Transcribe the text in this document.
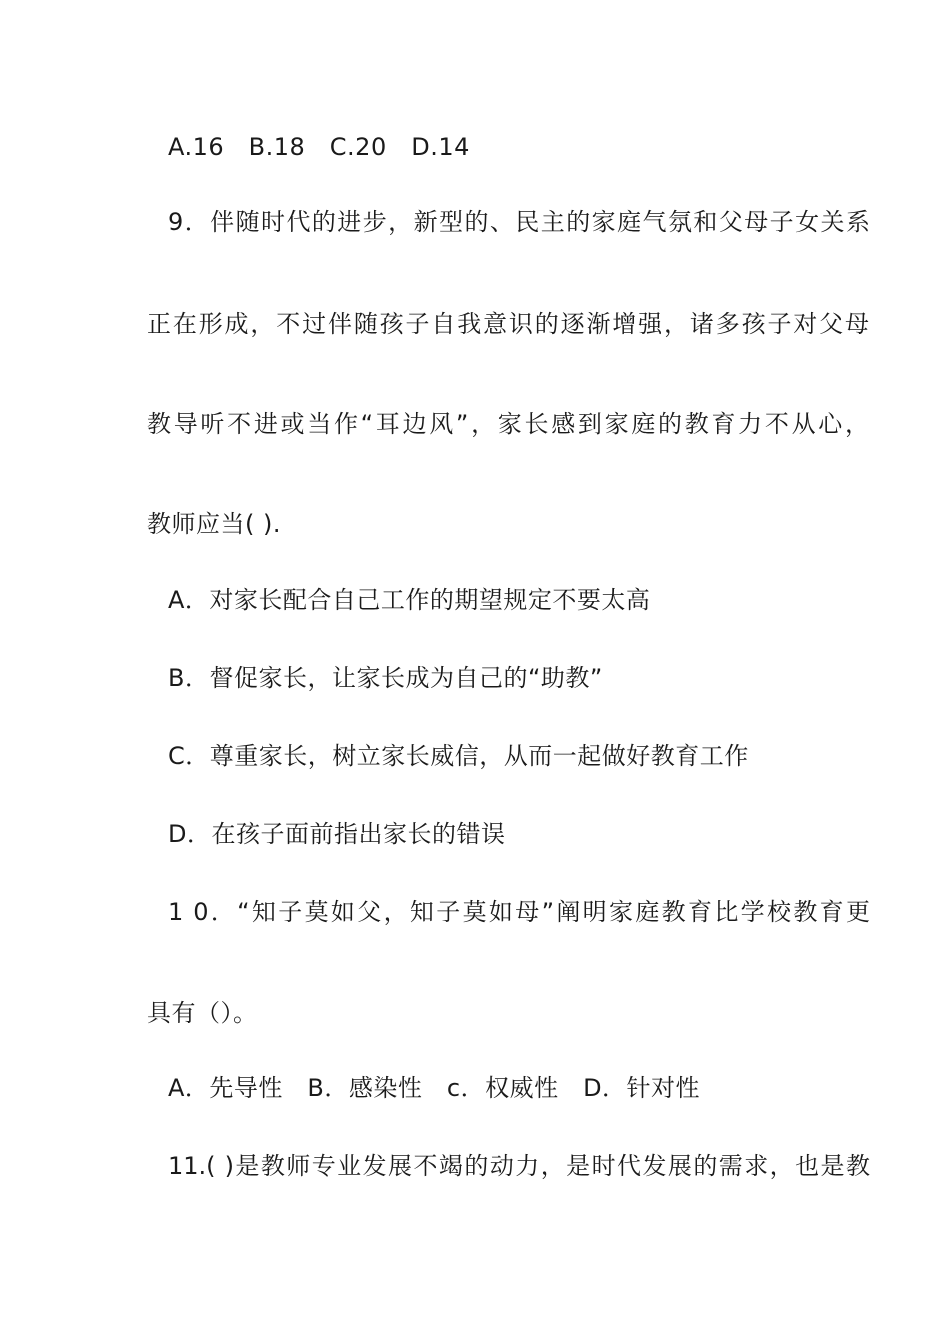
A.16　B.18　C.20　D.14
9．伴随时代的进步，新型的、民主的家庭气氛和父母子女关系
正在形成，不过伴随孩子自我意识的逐渐增强，诸多孩子对父母
教导听不进或当作“耳边风”，家长感到家庭的教育力不从心，
教师应当( ).
A．对家长配合自己工作的期望规定不要太高
B．督促家长，让家长成为自己的“助教”
C．尊重家长，树立家长威信，从而一起做好教育工作
D．在孩子面前指出家长的错误
1 0．“知子莫如父，知子莫如母”阐明家庭教育比学校教育更
具有（）。
A．先导性　B．感染性　c．权威性　D．针对性
11.( )是教师专业发展不竭的动力，是时代发展的需求，也是教
